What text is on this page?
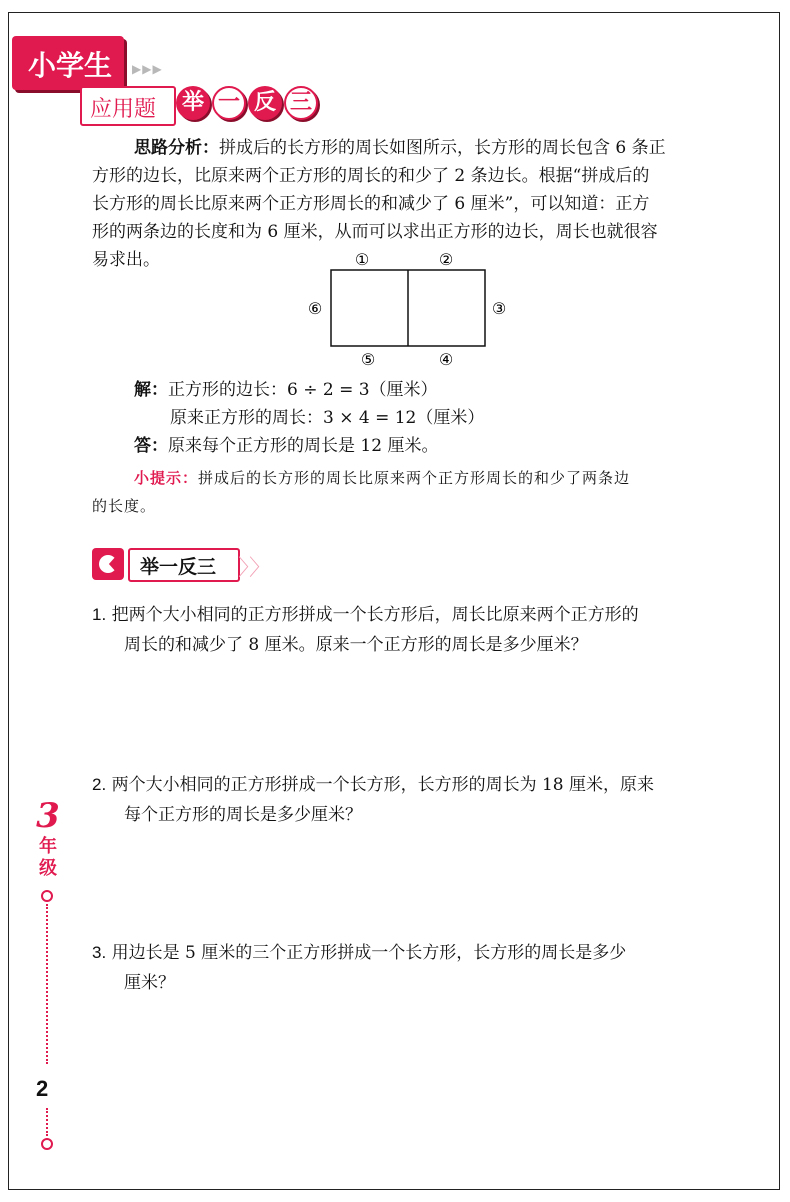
小学生 ▶▶▶
应用题 举 一 反 三
思路分析：拼成后的长方形的周长如图所示，长方形的周长包含 6 条正
方形的边长，比原来两个正方形的周长的和少了 2 条边长。根据“拼成后的
长方形的周长比原来两个正方形周长的和减少了 6 厘米”，可以知道：正方
形的两条边的长度和为 6 厘米，从而可以求出正方形的边长，周长也就很容
易求出。	①	②
③
④
⑤
⑥
解：正方形的边长：6 ÷ 2 = 3（厘米）
原来正方形的周长：3 × 4 = 12（厘米）
答：原来每个正方形的周长是 12 厘米。
小提示：拼成后的长方形的周长比原来两个正方形周长的和少了两条边
的长度。
举一反三 〉〉
1. 把两个大小相同的正方形拼成一个长方形后，周长比原来两个正方形的
周长的和减少了 8 厘米。原来一个正方形的周长是多少厘米？
2. 两个大小相同的正方形拼成一个长方形，长方形的周长为 18 厘米，原来
每个正方形的周长是多少厘米？
3. 用边长是 5 厘米的三个正方形拼成一个长方形，长方形的周长是多少
厘米？
3
年
级
2
